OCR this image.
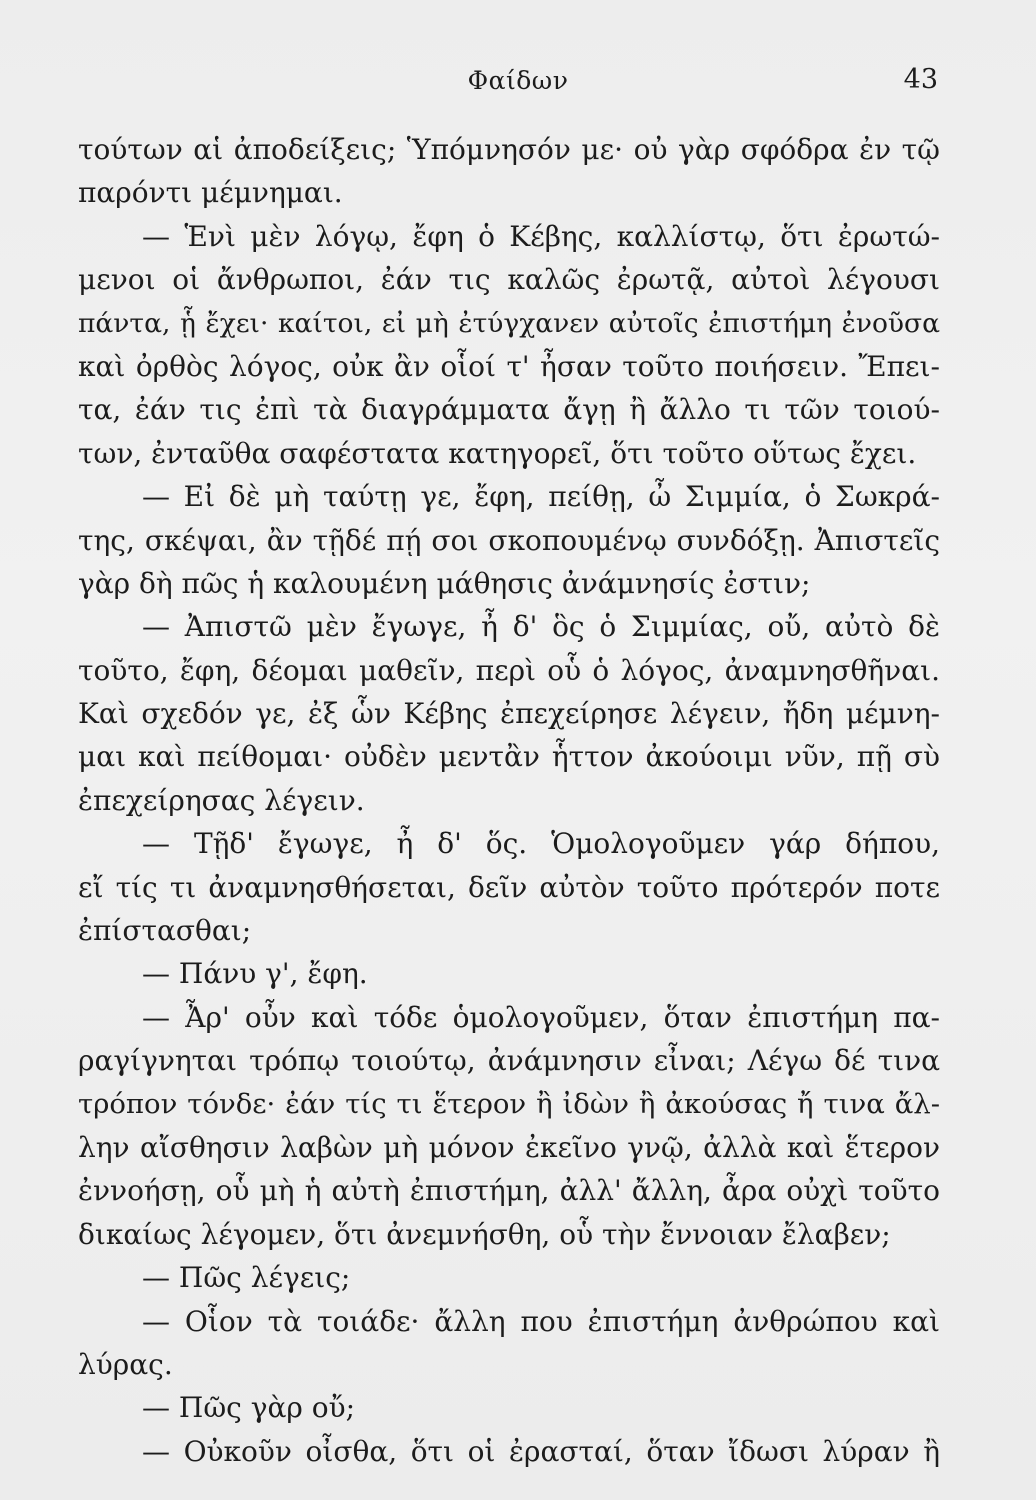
Φαίδων	43
τούτων αἱ ἀποδείξεις; Ὑπόμνησόν με· οὐ γὰρ σφόδρα ἐν τῷ
παρόντι μέμνημαι.
— Ἑνὶ μὲν λόγῳ, ἔφη ὁ Κέβης, καλλίστῳ, ὅτι ἐρωτώ-
μενοι οἱ ἄνθρωποι, ἐάν τις καλῶς ἐρωτᾷ, αὐτοὶ λέγουσι
πάντα, ᾗ ἔχει· καίτοι, εἰ μὴ ἐτύγχανεν αὐτοῖς ἐπιστήμη ἐνοῦσα
καὶ ὀρθὸς λόγος, οὐκ ἂν οἷοί τ' ἦσαν τοῦτο ποιήσειν. Ἔπει-
τα, ἐάν τις ἐπὶ τὰ διαγράμματα ἄγῃ ἢ ἄλλο τι τῶν τοιού-
των, ἐνταῦθα σαφέστατα κατηγορεῖ, ὅτι τοῦτο οὕτως ἔχει.
— Εἰ δὲ μὴ ταύτῃ γε, ἔφη, πείθῃ, ὦ Σιμμία, ὁ Σωκρά-
της, σκέψαι, ἂν τῇδέ πῄ σοι σκοπουμένῳ συνδόξῃ. Ἀπιστεῖς
γὰρ δὴ πῶς ἡ καλουμένη μάθησις ἀνάμνησίς ἐστιν;
— Ἀπιστῶ μὲν ἔγωγε, ἦ δ' ὃς ὁ Σιμμίας, οὔ, αὐτὸ δὲ
τοῦτο, ἔφη, δέομαι μαθεῖν, περὶ οὗ ὁ λόγος, ἀναμνησθῆναι.
Καὶ σχεδόν γε, ἐξ ὧν Κέβης ἐπεχείρησε λέγειν, ἤδη μέμνη-
μαι καὶ πείθομαι· οὐδὲν μεντἂν ἧττον ἀκούοιμι νῦν, πῇ σὺ
ἐπεχείρησας λέγειν.
— Τῇδ' ἔγωγε, ἦ δ' ὅς. Ὁμολογοῦμεν γάρ δήπου,
εἴ τίς τι ἀναμνησθήσεται, δεῖν αὐτὸν τοῦτο πρότερόν ποτε
ἐπίστασθαι;
— Πάνυ γ', ἔφη.
— Ἆρ' οὖν καὶ τόδε ὁμολογοῦμεν, ὅταν ἐπιστήμη πα-
ραγίγνηται τρόπῳ τοιούτῳ, ἀνάμνησιν εἶναι; Λέγω δέ τινα
τρόπον τόνδε· ἐάν τίς τι ἕτερον ἢ ἰδὼν ἢ ἀκούσας ἤ τινα ἄλ-
λην αἴσθησιν λαβὼν μὴ μόνον ἐκεῖνο γνῷ, ἀλλὰ καὶ ἕτερον
ἐννοήσῃ, οὗ μὴ ἡ αὐτὴ ἐπιστήμη, ἀλλ' ἄλλη, ἆρα οὐχὶ τοῦτο
δικαίως λέγομεν, ὅτι ἀνεμνήσθη, οὗ τὴν ἔννοιαν ἔλαβεν;
— Πῶς λέγεις;
— Οἷον τὰ τοιάδε· ἄλλη που ἐπιστήμη ἀνθρώπου καὶ
λύρας.
— Πῶς γὰρ οὔ;
— Οὐκοῦν οἶσθα, ὅτι οἱ ἐρασταί, ὅταν ἴδωσι λύραν ἢ
